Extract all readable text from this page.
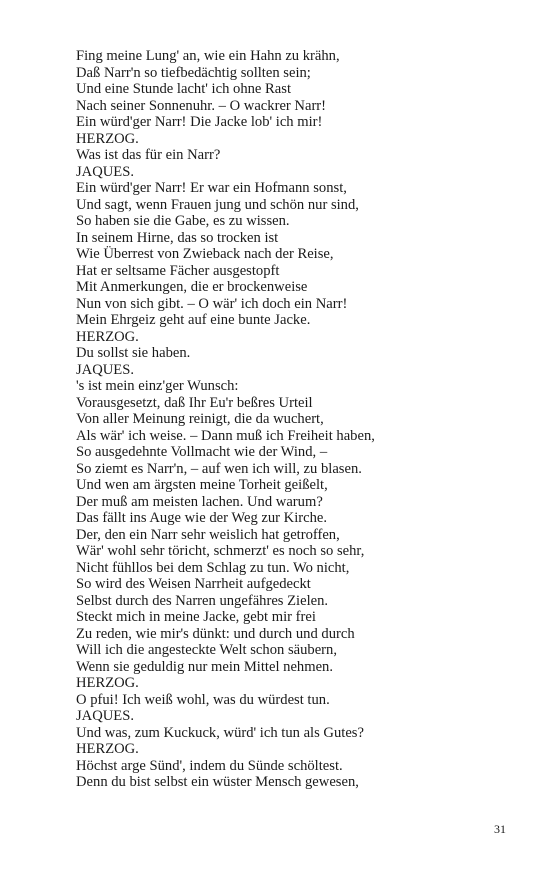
Fing meine Lung' an, wie ein Hahn zu krähn,

Daß Narr'n so tiefbedächtig sollten sein;

Und eine Stunde lacht' ich ohne Rast

Nach seiner Sonnenuhr. – O wackrer Narr!

Ein würd'ger Narr! Die Jacke lob' ich mir!

HERZOG.

Was ist das für ein Narr?

JAQUES.

Ein würd'ger Narr! Er war ein Hofmann sonst,

Und sagt, wenn Frauen jung und schön nur sind,

So haben sie die Gabe, es zu wissen.

In seinem Hirne, das so trocken ist

Wie Überrest von Zwieback nach der Reise,

Hat er seltsame Fächer ausgestopft

Mit Anmerkungen, die er brockenweise

Nun von sich gibt. – O wär' ich doch ein Narr!

Mein Ehrgeiz geht auf eine bunte Jacke.

HERZOG.

Du sollst sie haben.

JAQUES.

's ist mein einz'ger Wunsch:

Vorausgesetzt, daß Ihr Eu'r beßres Urteil

Von aller Meinung reinigt, die da wuchert,

Als wär' ich weise. – Dann muß ich Freiheit haben,

So ausgedehnte Vollmacht wie der Wind, –

So ziemt es Narr'n, – auf wen ich will, zu blasen.

Und wen am ärgsten meine Torheit geißelt,

Der muß am meisten lachen. Und warum?

Das fällt ins Auge wie der Weg zur Kirche.

Der, den ein Narr sehr weislich hat getroffen,

Wär' wohl sehr töricht, schmerzt' es noch so sehr,

Nicht fühllos bei dem Schlag zu tun. Wo nicht,

So wird des Weisen Narrheit aufgedeckt

Selbst durch des Narren ungefähres Zielen.

Steckt mich in meine Jacke, gebt mir frei

Zu reden, wie mir's dünkt: und durch und durch

Will ich die angesteckte Welt schon säubern,

Wenn sie geduldig nur mein Mittel nehmen.

HERZOG.

O pfui! Ich weiß wohl, was du würdest tun.

JAQUES.

Und was, zum Kuckuck, würd' ich tun als Gutes?

HERZOG.

Höchst arge Sünd', indem du Sünde schöltest.

Denn du bist selbst ein wüster Mensch gewesen,

31
